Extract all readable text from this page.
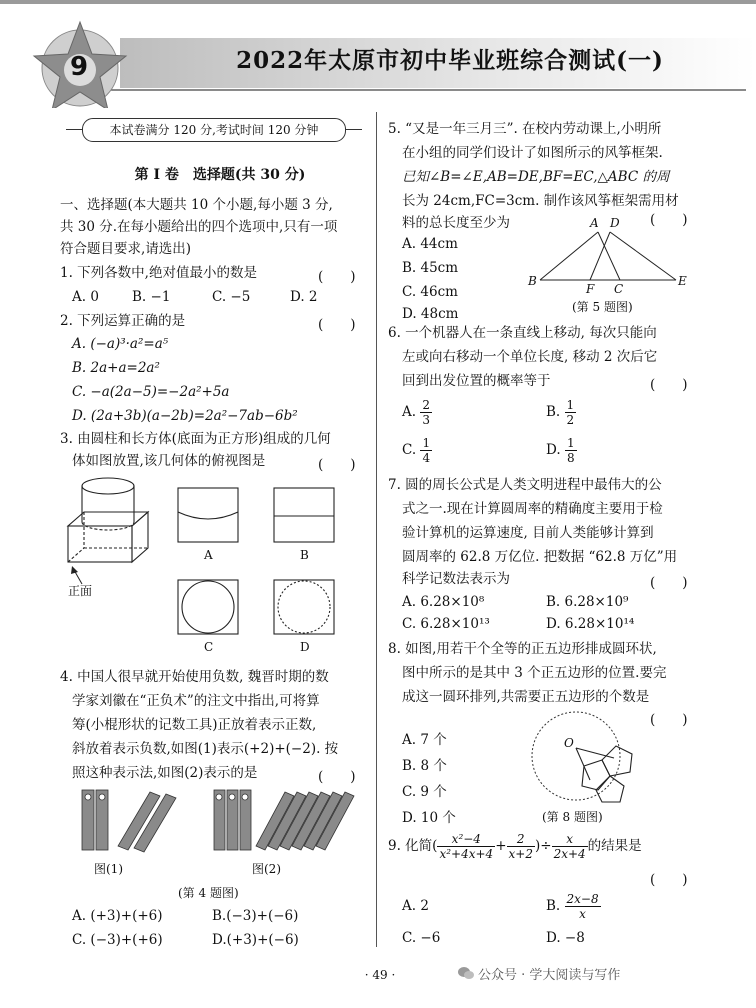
9	2022年太原市初中毕业班综合测试(一)
本试卷满分 120 分,考试时间 120 分钟
第 I 卷　选择题(共 30 分)
一、选择题(本大题共 10 个小题,每小题 3 分,
共 30 分.在每小题给出的四个选项中,只有一项
符合题目要求,请选出)
1. 下列各数中,绝对值最小的数是	(　　)
A. 0 B. −1	C. −5	D. 2
2. 下列运算正确的是	(　　)
A. (−a)³·a²=a⁵
B. 2a+a=2a²
C. −a(2a−5)=−2a²+5a
D. (2a+3b)(a−2b)=2a²−7ab−6b²
3. 由圆柱和长方体(底面为正方形)组成的几何
体如图放置,该几何体的俯视图是	(　　)
正面
A	B
C	D
4. 中国人很早就开始使用负数, 魏晋时期的数
学家刘徽在“正负术”的注文中指出,可将算
筹(小棍形状的记数工具)正放着表示正数,
斜放着表示负数,如图(1)表示(+2)+(−2). 按
照这种表示法,如图(2)表示的是	(　　)
图(1)	图(2)
(第 4 题图)
A. (+3)+(+6)	B.(−3)+(−6)
C. (−3)+(+6)	D.(+3)+(−6)
5. “又是一年三月三”. 在校内劳动课上,小明所
在小组的同学们设计了如图所示的风筝框架.
已知∠B=∠E,AB=DE,BF=EC,△ABC 的周
长为 24cm,FC=3cm. 制作该风筝框架需用材
料的总长度至少为	(　　)
A. 44cm
B. 45cm
C. 46cm
D. 48cm
A D
B
F C
E
(第 5 题图)
6. 一个机器人在一条直线上移动, 每次只能向
左或向右移动一个单位长度, 移动 2 次后它
回到出发位置的概率等于	(　　)
A. $\frac{2}{3}$	B. $\frac{1}{2}$
C. $\frac{1}{4}$	D. $\frac{1}{8}$
7. 圆的周长公式是人类文明进程中最伟大的公
式之一.现在计算圆周率的精确度主要用于检
验计算机的运算速度, 目前人类能够计算到
圆周率的 62.8 万亿位. 把数据 “62.8 万亿”用
科学记数法表示为	(　　)
A. 6.28×10⁸	B. 6.28×10⁹
C. 6.28×10¹³	D. 6.28×10¹⁴
8. 如图,用若干个全等的正五边形排成圆环状,
图中所示的是其中 3 个正五边形的位置.要完
成这一圆环排列,共需要正五边形的个数是
(　　)
A. 7 个
B. 8 个
C. 9 个
D. 10 个
O
(第 8 题图)
9. 化简( $\frac{\text{x²−4}}{\text{x²+4x+4}} + \frac{2}{x+2}$ )÷ $\frac{x}{2x+4}$ 的结果是
(　　)
A. 2	B. $\frac{2x-8}{x}$
C. −6	D. −8
· 49 ·	公众号 · 学大阅读与写作
